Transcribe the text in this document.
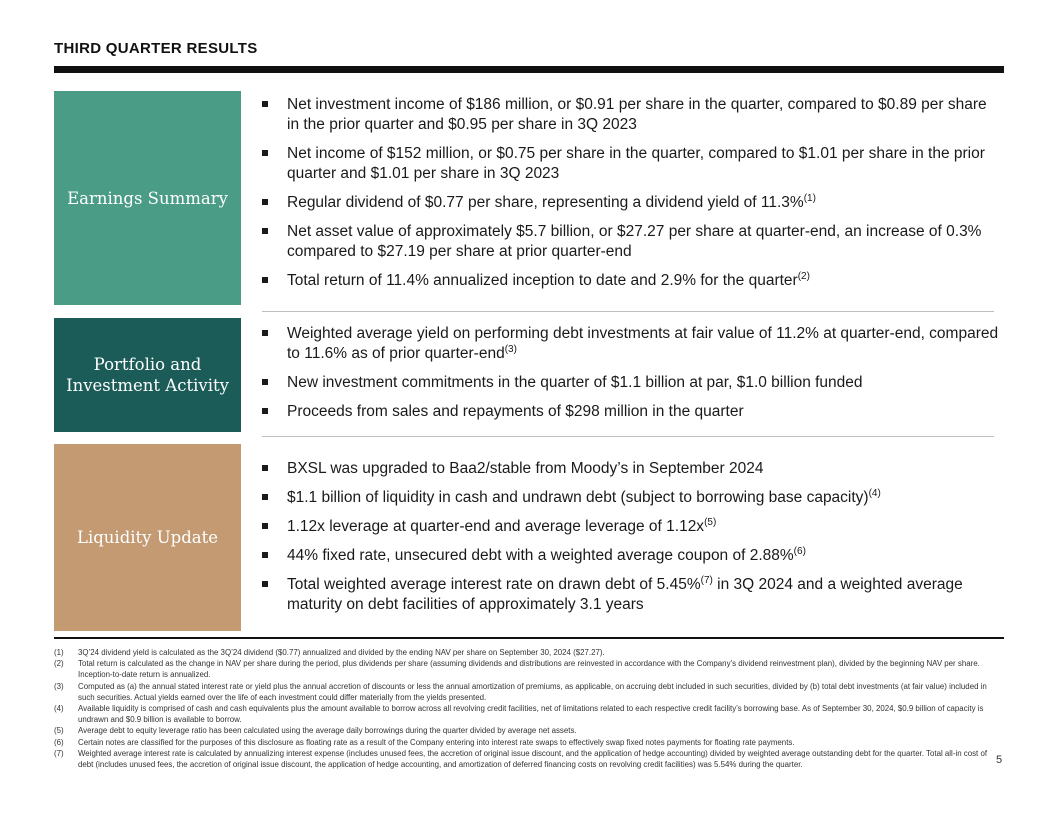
THIRD QUARTER RESULTS
Earnings Summary
Net investment income of $186 million, or $0.91 per share in the quarter, compared to $0.89 per share in the prior quarter and $0.95 per share in 3Q 2023
Net income of $152 million, or $0.75 per share in the quarter, compared to $1.01 per share in the prior quarter and $1.01 per share in 3Q 2023
Regular dividend of $0.77 per share, representing a dividend yield of 11.3%$^{(1)}$
Net asset value of approximately $5.7 billion, or $27.27 per share at quarter-end, an increase of 0.3% compared to $27.19 per share at prior quarter-end
Total return of 11.4% annualized inception to date and 2.9% for the quarter$^{(2)}$
Portfolio and
Investment Activity
Weighted average yield on performing debt investments at fair value of 11.2% at quarter-end, compared to 11.6% as of prior quarter-end$^{(3)}$
New investment commitments in the quarter of $1.1 billion at par, $1.0 billion funded
Proceeds from sales and repayments of $298 million in the quarter
Liquidity Update
BXSL was upgraded to Baa2/stable from Moody’s in September 2024
$1.1 billion of liquidity in cash and undrawn debt (subject to borrowing base capacity)$^{(4)}$
1.12x leverage at quarter-end and average leverage of $1.12x^{(5)}$
44% fixed rate, unsecured debt with a weighted average coupon of 2.88%$^{(6)}$
Total weighted average interest rate on drawn debt of 5.45%$^{(7)}$ in 3Q 2024 and a weighted average maturity on debt facilities of approximately 3.1 years
(1)	3Q’24 dividend yield is calculated as the 3Q’24 dividend ($0.77) annualized and divided by the ending NAV per share on September 30, 2024 ($27.27).
(2)	Total return is calculated as the change in NAV per share during the period, plus dividends per share (assuming dividends and distributions are reinvested in accordance with the Company’s dividend reinvestment plan), divided by the beginning NAV per share. Inception-to-date return is annualized.
(3)	Computed as (a) the annual stated interest rate or yield plus the annual accretion of discounts or less the annual amortization of premiums, as applicable, on accruing debt included in such securities, divided by (b) total debt investments (at fair value) included in such securities. Actual yields earned over the life of each investment could differ materially from the yields presented.
(4)	Available liquidity is comprised of cash and cash equivalents plus the amount available to borrow across all revolving credit facilities, net of limitations related to each respective credit facility’s borrowing base. As of September 30, 2024, $0.9 billion of capacity is undrawn and $0.9 billion is available to borrow.
(5)	Average debt to equity leverage ratio has been calculated using the average daily borrowings during the quarter divided by average net assets.
(6)	Certain notes are classified for the purposes of this disclosure as floating rate as a result of the Company entering into interest rate swaps to effectively swap fixed notes payments for floating rate payments.
(7)	Weighted average interest rate is calculated by annualizing interest expense (includes unused fees, the accretion of original issue discount, and the application of hedge accounting) divided by weighted average outstanding debt for the quarter. Total all-in cost of debt (includes unused fees, the accretion of original issue discount, the application of hedge accounting, and amortization of deferred financing costs on revolving credit facilities) was 5.54% during the quarter.	5
